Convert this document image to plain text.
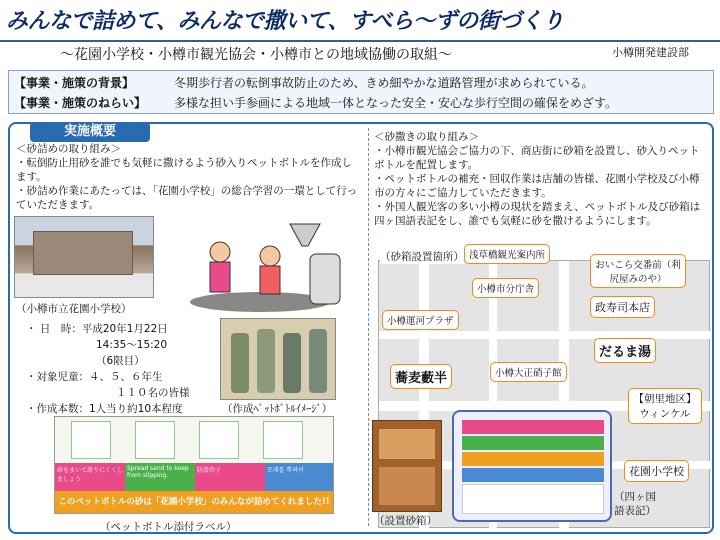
みんなで詰めて、みんなで撒いて、すべら〜ずの街づくり
〜花園小学校・小樽市観光協会・小樽市との地域協働の取組〜	小樽開発建設部
【事業・施策の背景】	冬期歩行者の転倒事故防止のため、きめ細やかな道路管理が求められている。
【事業・施策のねらい】 多様な担い手参画による地域一体となった安全・安心な歩行空間の確保をめざす。
実施概要
＜砂詰めの取り組み＞
・転倒防止用砂を誰でも気軽に撒けるよう砂入りペットボトルを作成します。
・砂詰め作業にあたっては、「花園小学校」の総合学習の一環として行っていただきます。
（小樽市立花園小学校）
・ 日　時：平成20年1月22日
14:35〜15:20
（6限目）
・対象児童：４、５、６年生
１１０名の皆様
・作成本数：1人当り約10本程度	（作成ﾍﾟｯﾄﾎﾞﾄﾙｲﾒｰｼﾞ）
砂をまいて滑りにくくしましょう
Spread sand to keep from slipping.
防滑沙子	모래를 뿌려서
このペットボトルの砂は「花園小学校」のみんなが詰めてくれました!!
（ペットボトル添付ラベル）
＜砂撒きの取り組み＞
・小樽市観光協会ご協力の下、商店街に砂箱を設置し、砂入りペットボトルを配置します。
・ペットボトルの補充・回収作業は店舗の皆様、花園小学校及び小樽市の方々にご協力していただきます。
・外国人観光客の多い小樽の現状を踏まえ、ペットボトル及び砂箱は四ヶ国語表記をし、誰でも気軽に砂を撒けるようにします。
（砂箱設置箇所） 浅草橋観光案内所
おいこら交番前（利尻屋みのや）
小樽市分庁舎
政寿司本店
小樽運河プラザ
だるま湯
小樽大正硝子館
蕎麦藪半
【朝里地区】ウィンケル
花園小学校
（設置砂箱）
（四ヶ国語表記）
